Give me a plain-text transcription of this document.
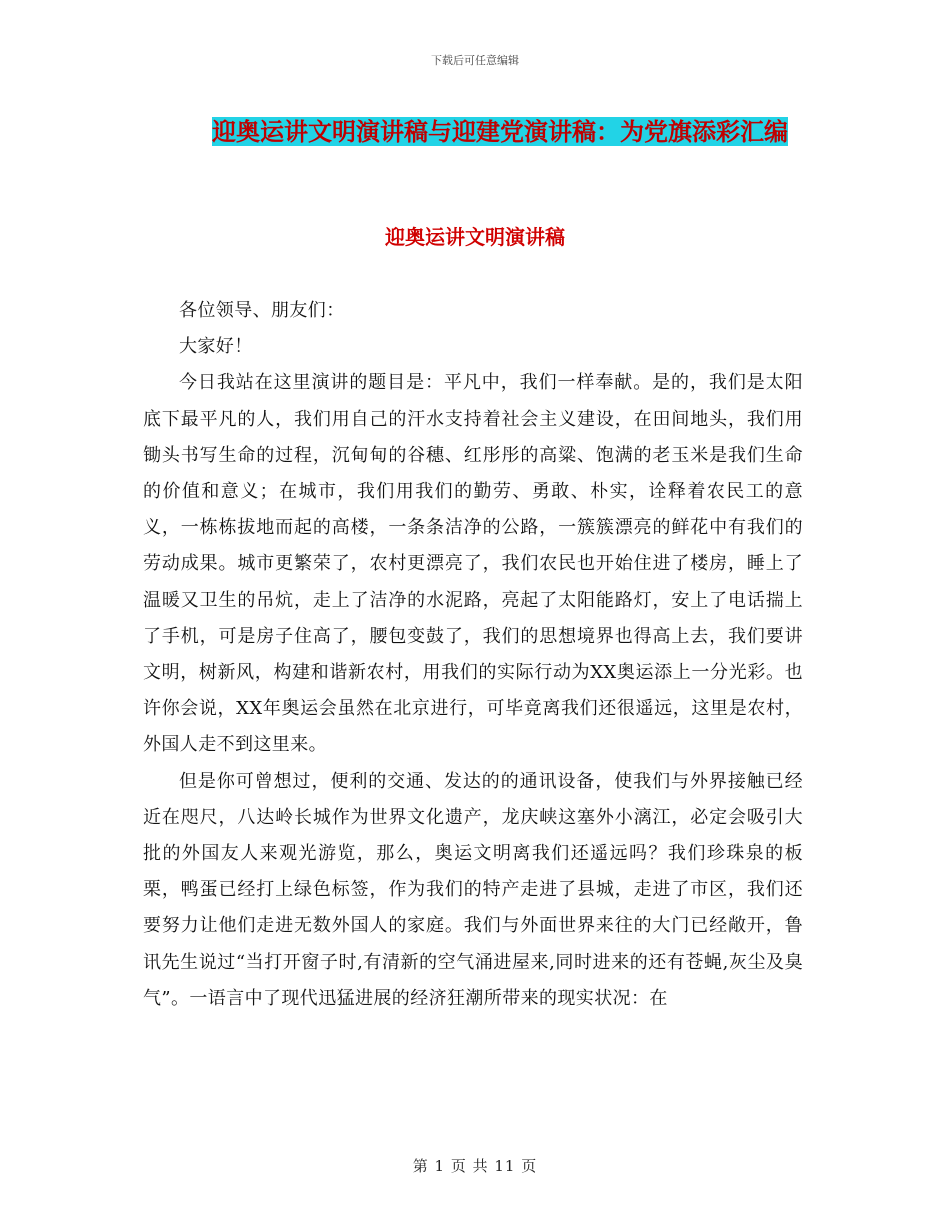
下载后可任意编辑
迎奥运讲文明演讲稿与迎建党演讲稿：为党旗添彩汇编
迎奥运讲文明演讲稿

各位领导、朋友们：

大家好！

今日我站在这里演讲的题目是：平凡中，我们一样奉献。是的，我们是太阳底下最平凡的人，我们用自己的汗水支持着社会主义建设，在田间地头，我们用锄头书写生命的过程，沉甸甸的谷穗、红彤彤的高粱、饱满的老玉米是我们生命的价值和意义；在城市，我们用我们的勤劳、勇敢、朴实，诠释着农民工的意义，一栋栋拔地而起的高楼，一条条洁净的公路，一簇簇漂亮的鲜花中有我们的劳动成果。城市更繁荣了，农村更漂亮了，我们农民也开始住进了楼房，睡上了温暖又卫生的吊炕，走上了洁净的水泥路，亮起了太阳能路灯，安上了电话揣上了手机，可是房子住高了，腰包变鼓了，我们的思想境界也得高上去，我们要讲文明，树新风，构建和谐新农村，用我们的实际行动为XX奥运添上一分光彩。也许你会说，XX年奥运会虽然在北京进行，可毕竟离我们还很遥远，这里是农村，外国人走不到这里来。

但是你可曾想过，便利的交通、发达的的通讯设备，使我们与外界接触已经近在咫尺，八达岭长城作为世界文化遗产，龙庆峡这塞外小漓江，必定会吸引大批的外国友人来观光游览，那么，奥运文明离我们还遥远吗？我们珍珠泉的板栗，鸭蛋已经打上绿色标签，作为我们的特产走进了县城，走进了市区，我们还要努力让他们走进无数外国人的家庭。我们与外面世界来往的大门已经敞开，鲁讯先生说过“当打开窗子时,有清新的空气涌进屋来,同时进来的还有苍蝇,灰尘及臭气”。一语言中了现代迅猛进展的经济狂潮所带来的现实状况：在

第 1 页 共 11 页
